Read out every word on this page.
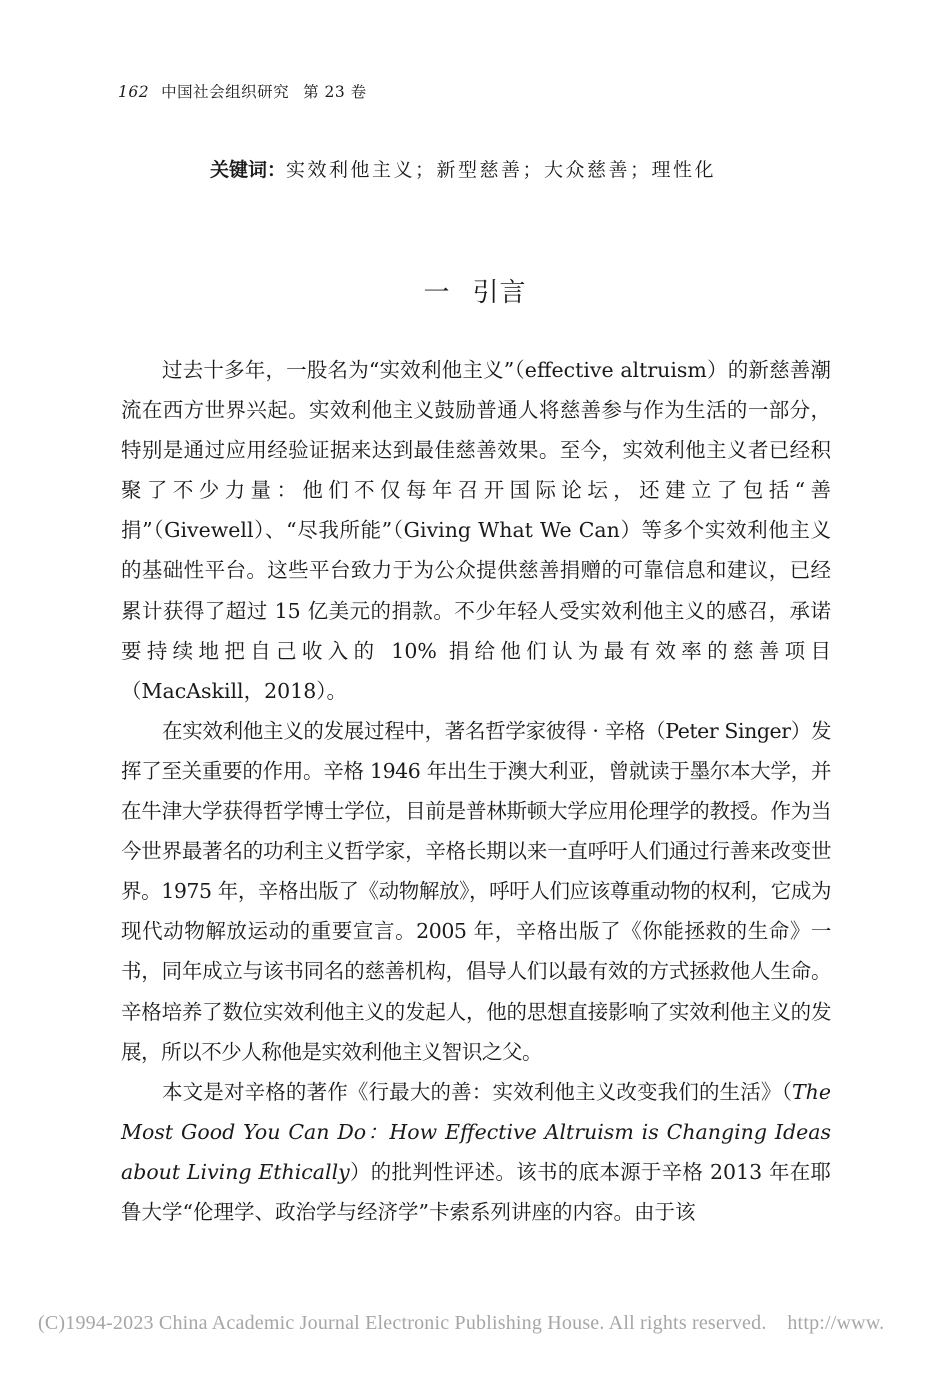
162 中国社会组织研究 第 23 卷
关键词：实效利他主义；新型慈善；大众慈善；理性化
一 引言

过去十多年，一股名为“实效利他主义”（effective altruism）的新慈善潮流在西方世界兴起。实效利他主义鼓励普通人将慈善参与作为生活的一部分，特别是通过应用经验证据来达到最佳慈善效果。至今，实效利他主义者已经积聚了不少力量：他们不仅每年召开国际论坛，还建立了包括“善捐”（Givewell）、“尽我所能”（Giving What We Can）等多个实效利他主义的基础性平台。这些平台致力于为公众提供慈善捐赠的可靠信息和建议，已经累计获得了超过 15 亿美元的捐款。不少年轻人受实效利他主义的感召，承诺要持续地把自己收入的 10% 捐给他们认为最有效率的慈善项目（MacAskill，2018）。

在实效利他主义的发展过程中，著名哲学家彼得 · 辛格（Peter Singer）发挥了至关重要的作用。辛格 1946 年出生于澳大利亚，曾就读于墨尔本大学，并在牛津大学获得哲学博士学位，目前是普林斯顿大学应用伦理学的教授。作为当今世界最著名的功利主义哲学家，辛格长期以来一直呼吁人们通过行善来改变世界。1975 年，辛格出版了《动物解放》，呼吁人们应该尊重动物的权利，它成为现代动物解放运动的重要宣言。2005 年，辛格出版了《你能拯救的生命》一书，同年成立与该书同名的慈善机构，倡导人们以最有效的方式拯救他人生命。辛格培养了数位实效利他主义的发起人，他的思想直接影响了实效利他主义的发展，所以不少人称他是实效利他主义智识之父。

本文是对辛格的著作《行最大的善：实效利他主义改变我们的生活》（The Most Good You Can Do：How Effective Altruism is Changing Ideas about Living Ethically）的批判性评述。该书的底本源于辛格 2013 年在耶鲁大学“伦理学、政治学与经济学”卡索系列讲座的内容。由于该

(C)1994-2023 China Academic Journal Electronic Publishing House. All rights reserved. http://www.
